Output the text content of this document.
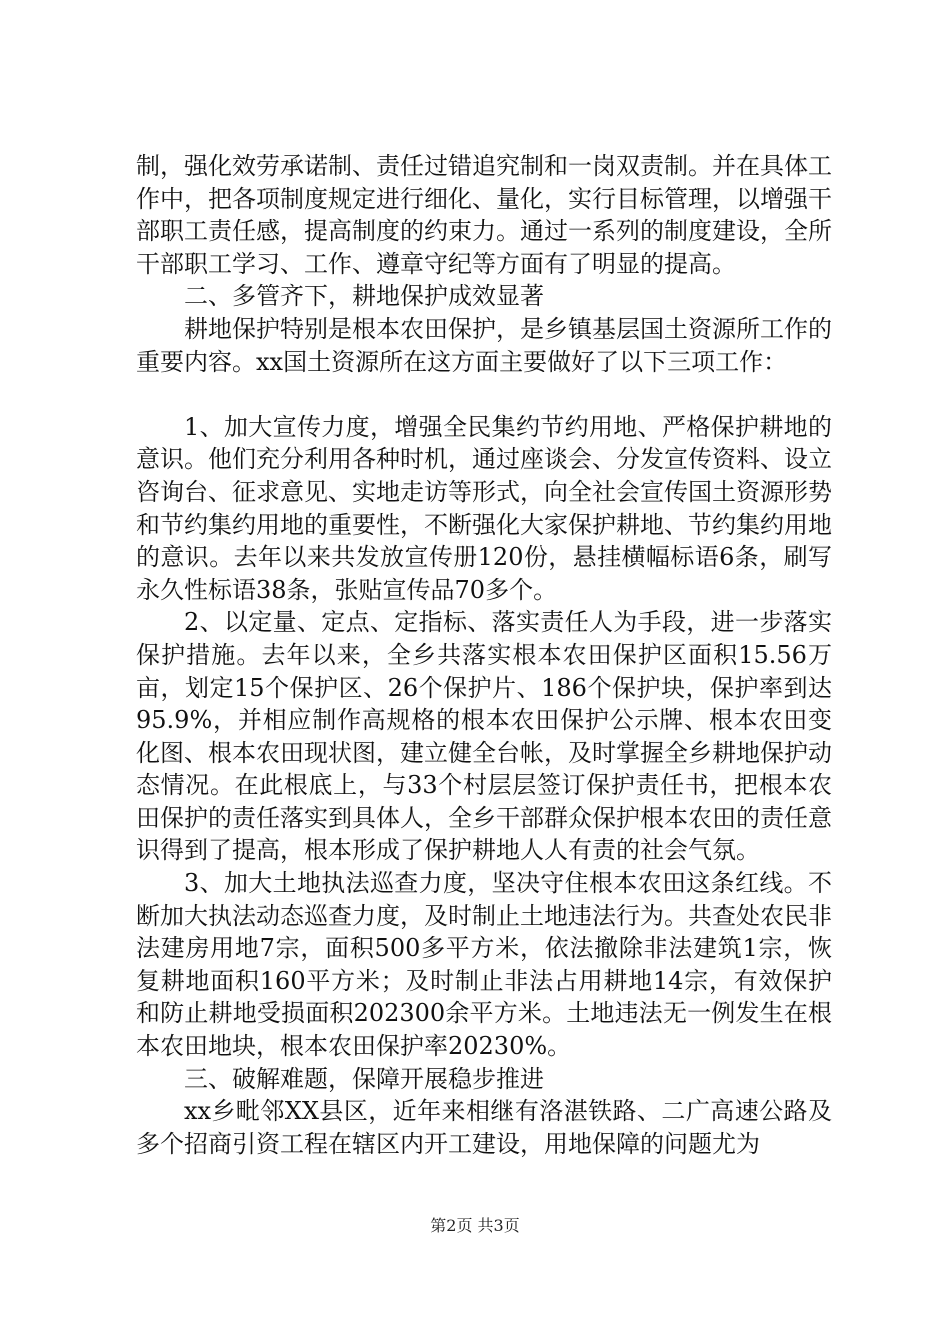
制，强化效劳承诺制、责任过错追究制和一岗双责制。并在具体工作中，把各项制度规定进行细化、量化，实行目标管理，以增强干部职工责任感，提高制度的约束力。通过一系列的制度建设，全所干部职工学习、工作、遵章守纪等方面有了明显的提高。

二、多管齐下，耕地保护成效显著

耕地保护特别是根本农田保护，是乡镇基层国土资源所工作的重要内容。xx国土资源所在这方面主要做好了以下三项工作：

1、加大宣传力度，增强全民集约节约用地、严格保护耕地的意识。他们充分利用各种时机，通过座谈会、分发宣传资料、设立咨询台、征求意见、实地走访等形式，向全社会宣传国土资源形势和节约集约用地的重要性，不断强化大家保护耕地、节约集约用地的意识。去年以来共发放宣传册120份，悬挂横幅标语6条，刷写永久性标语38条，张贴宣传品70多个。

2、以定量、定点、定指标、落实责任人为手段，进一步落实保护措施。去年以来，全乡共落实根本农田保护区面积15.56万亩，划定15个保护区、26个保护片、186个保护块，保护率到达95.9%，并相应制作高规格的根本农田保护公示牌、根本农田变化图、根本农田现状图，建立健全台帐，及时掌握全乡耕地保护动态情况。在此根底上，与33个村层层签订保护责任书，把根本农田保护的责任落实到具体人，全乡干部群众保护根本农田的责任意识得到了提高，根本形成了保护耕地人人有责的社会气氛。

3、加大土地执法巡查力度，坚决守住根本农田这条红线。不断加大执法动态巡查力度，及时制止土地违法行为。共查处农民非法建房用地7宗，面积500多平方米，依法撤除非法建筑1宗，恢复耕地面积160平方米；及时制止非法占用耕地14宗，有效保护和防止耕地受损面积202300余平方米。土地违法无一例发生在根本农田地块，根本农田保护率20230%。

三、破解难题，保障开展稳步推进

xx乡毗邻XX县区，近年来相继有洛湛铁路、二广高速公路及多个招商引资工程在辖区内开工建设，用地保障的问题尤为

第2页 共3页
